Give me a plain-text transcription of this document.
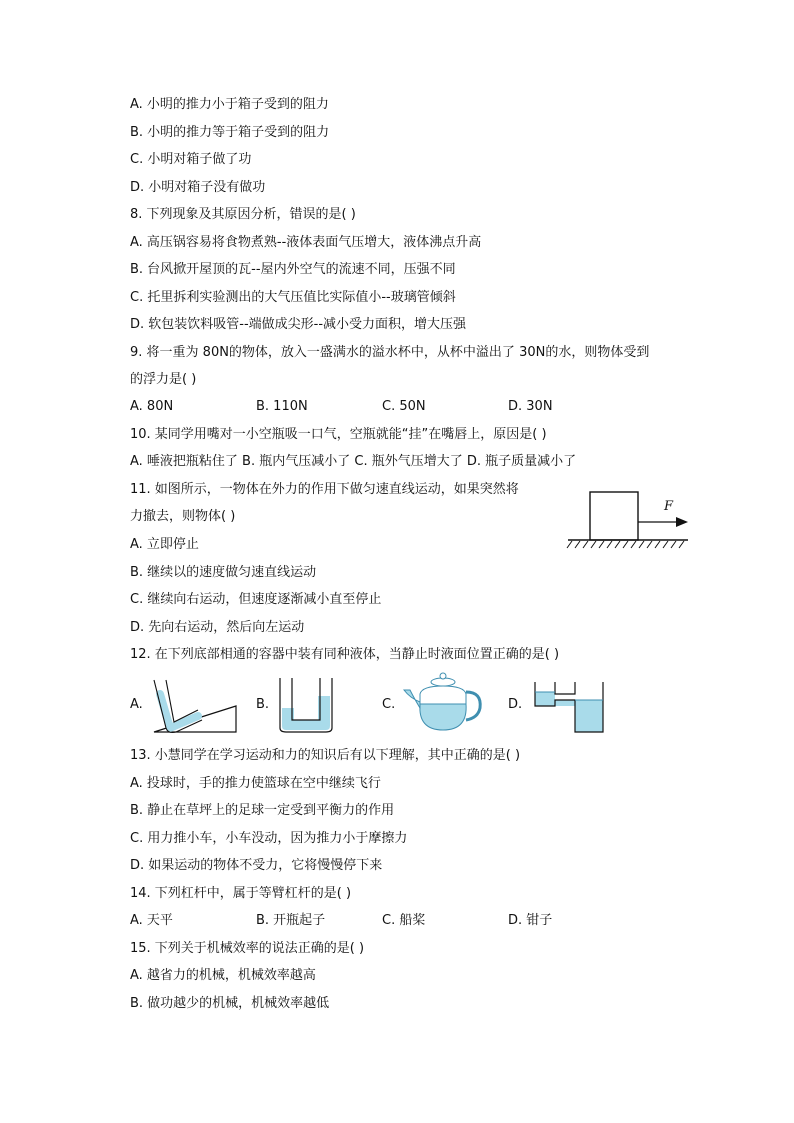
A. 小明的推力小于箱子受到的阻力
B. 小明的推力等于箱子受到的阻力
C. 小明对箱子做了功
D. 小明对箱子没有做功
8. 下列现象及其原因分析，错误的是( )
A. 高压锅容易将食物煮熟--液体表面气压增大，液体沸点升高
B. 台风掀开屋顶的瓦--屋内外空气的流速不同，压强不同
C. 托里拆利实验测出的大气压值比实际值小--玻璃管倾斜
D. 软包装饮料吸管--端做成尖形--减小受力面积，增大压强
9. 将一重为 80N的物体，放入一盛满水的溢水杯中，从杯中溢出了 30N的水，则物体受到
的浮力是( )
A. 80N	B. 110N	C. 50N	D. 30N
10. 某同学用嘴对一小空瓶吸一口气，空瓶就能“挂”在嘴唇上，原因是( )
A. 唾液把瓶粘住了 B. 瓶内气压减小了 C. 瓶外气压增大了 D. 瓶子质量减小了
11. 如图所示，一物体在外力的作用下做匀速直线运动，如果突然将
力撤去，则物体( )
F
A. 立即停止
B. 继续以的速度做匀速直线运动
C. 继续向右运动，但速度逐渐减小直至停止
D. 先向右运动，然后向左运动
12. 在下列底部相通的容器中装有同种液体，当静止时液面位置正确的是( )
A.	B.	C.	D.
13. 小慧同学在学习运动和力的知识后有以下理解，其中正确的是( )
A. 投球时，手的推力使篮球在空中继续飞行
B. 静止在草坪上的足球一定受到平衡力的作用
C. 用力推小车，小车没动，因为推力小于摩擦力
D. 如果运动的物体不受力，它将慢慢停下来
14. 下列杠杆中，属于等臂杠杆的是( )
A. 天平	B. 开瓶起子	C. 船桨	D. 钳子
15. 下列关于机械效率的说法正确的是( )
A. 越省力的机械，机械效率越高
B. 做功越少的机械，机械效率越低
